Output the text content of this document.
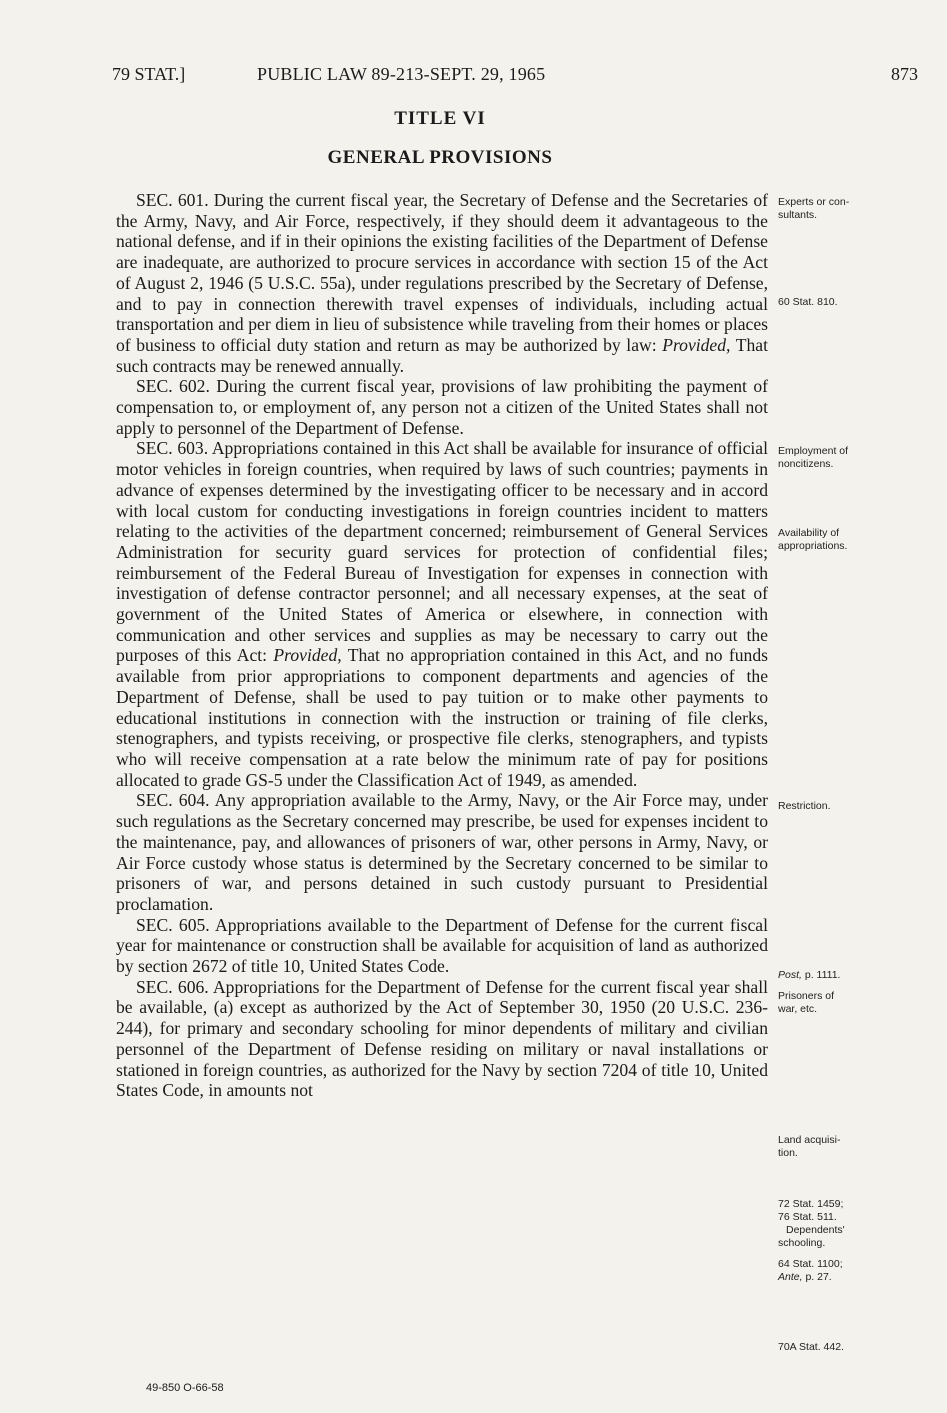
79 STAT.]	PUBLIC LAW 89-213-SEPT. 29, 1965	873
TITLE VI
GENERAL PROVISIONS

SEC. 601. During the current fiscal year, the Secretary of Defense and the Secretaries of the Army, Navy, and Air Force, respectively, if they should deem it advantageous to the national defense, and if in their opinions the existing facilities of the Department of Defense are inadequate, are authorized to procure services in accordance with section 15 of the Act of August 2, 1946 (5 U.S.C. 55a), under regulations prescribed by the Secretary of Defense, and to pay in connection therewith travel expenses of individuals, including actual transportation and per diem in lieu of subsistence while traveling from their homes or places of business to official duty station and return as may be authorized by law: Provided, That such contracts may be renewed annually.

SEC. 602. During the current fiscal year, provisions of law prohibiting the payment of compensation to, or employment of, any person not a citizen of the United States shall not apply to personnel of the Department of Defense.

SEC. 603. Appropriations contained in this Act shall be available for insurance of official motor vehicles in foreign countries, when required by laws of such countries; payments in advance of expenses determined by the investigating officer to be necessary and in accord with local custom for conducting investigations in foreign countries incident to matters relating to the activities of the department concerned; reimbursement of General Services Administration for security guard services for protection of confidential files; reimbursement of the Federal Bureau of Investigation for expenses in connection with investigation of defense contractor personnel; and all necessary expenses, at the seat of government of the United States of America or elsewhere, in connection with communication and other services and supplies as may be necessary to carry out the purposes of this Act: Provided, That no appropriation contained in this Act, and no funds available from prior appropriations to component departments and agencies of the Department of Defense, shall be used to pay tuition or to make other payments to educational institutions in connection with the instruction or training of file clerks, stenographers, and typists receiving, or prospective file clerks, stenographers, and typists who will receive compensation at a rate below the minimum rate of pay for positions allocated to grade GS-5 under the Classification Act of 1949, as amended.

SEC. 604. Any appropriation available to the Army, Navy, or the Air Force may, under such regulations as the Secretary concerned may prescribe, be used for expenses incident to the maintenance, pay, and allowances of prisoners of war, other persons in Army, Navy, or Air Force custody whose status is determined by the Secretary concerned to be similar to prisoners of war, and persons detained in such custody pursuant to Presidential proclamation.

SEC. 605. Appropriations available to the Department of Defense for the current fiscal year for maintenance or construction shall be available for acquisition of land as authorized by section 2672 of title 10, United States Code.

SEC. 606. Appropriations for the Department of Defense for the current fiscal year shall be available, (a) except as authorized by the Act of September 30, 1950 (20 U.S.C. 236-244), for primary and secondary schooling for minor dependents of military and civilian personnel of the Department of Defense residing on military or naval installations or stationed in foreign countries, as authorized for the Navy by section 7204 of title 10, United States Code, in amounts not

Experts or con-
sultants.
60 Stat. 810.
Employment of
noncitizens.
Availability of
appropriations.
Restriction.
Post, p. 1111.
Prisoners of
war, etc.
Land acquisi-
tion.
72 Stat. 1459;
76 Stat. 511.
Dependents'
schooling.
64 Stat. 1100;
Ante, p. 27.
70A Stat. 442.
49-850 O-66-58
